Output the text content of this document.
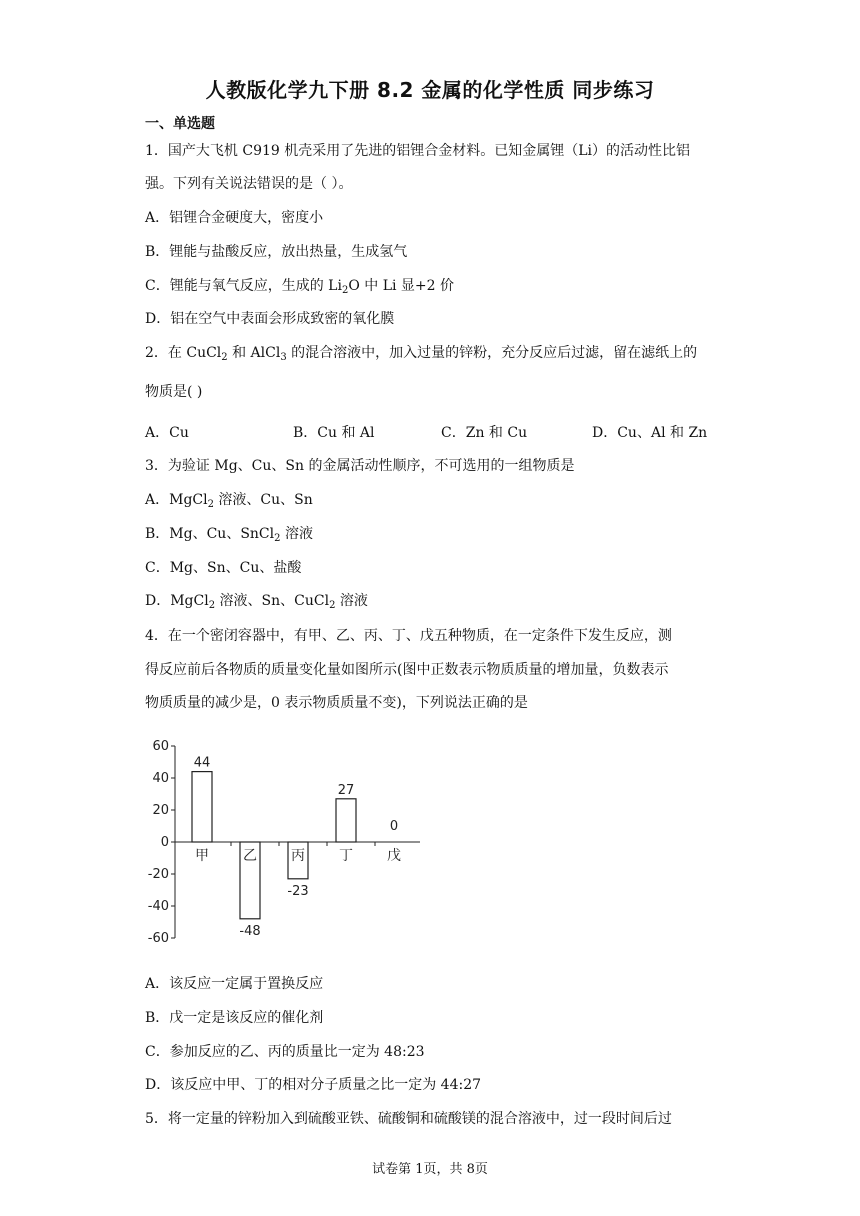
人教版化学九下册 8.2 金属的化学性质 同步练习
一、单选题
1．国产大飞机 C919 机壳采用了先进的铝锂合金材料。已知金属锂（Li）的活动性比铝
强。下列有关说法错误的是（ ）。
A．铝锂合金硬度大，密度小
B．锂能与盐酸反应，放出热量，生成氢气
C．锂能与氧气反应，生成的 $Li_2O$ 中 Li 显+2 价
D．铝在空气中表面会形成致密的氧化膜
2．在 CuCl$_2$ 和 AlCl$_3$ 的混合溶液中，加入过量的锌粉，充分反应后过滤，留在滤纸上的
物质是( )
A．Cu	B．Cu 和 Al	C．Zn 和 Cu	D．Cu、Al 和 Zn
3．为验证 Mg、Cu、Sn 的金属活动性顺序，不可选用的一组物质是
A．MgCl$_2$ 溶液、Cu、Sn
B．Mg、Cu、SnCl$_2$ 溶液
C．Mg、Sn、Cu、盐酸
D．MgCl$_2$ 溶液、Sn、CuCl$_2$ 溶液
4．在一个密闭容器中，有甲、乙、丙、丁、戊五种物质，在一定条件下发生反应，测
得反应前后各物质的质量变化量如图所示(图中正数表示物质质量的增加量，负数表示
物质质量的减少是，0 表示物质质量不变)，下列说法正确的是
60
40
20
0
-20
-40
-60
甲
44
乙
-48
丙
-23
丁
27
戊
0
A．该反应一定属于置换反应
B．戊一定是该反应的催化剂
C．参加反应的乙、丙的质量比一定为 48:23
D．该反应中甲、丁的相对分子质量之比一定为 44:27
5．将一定量的锌粉加入到硫酸亚铁、硫酸铜和硫酸镁的混合溶液中，过一段时间后过
试卷第 1页，共 8页
